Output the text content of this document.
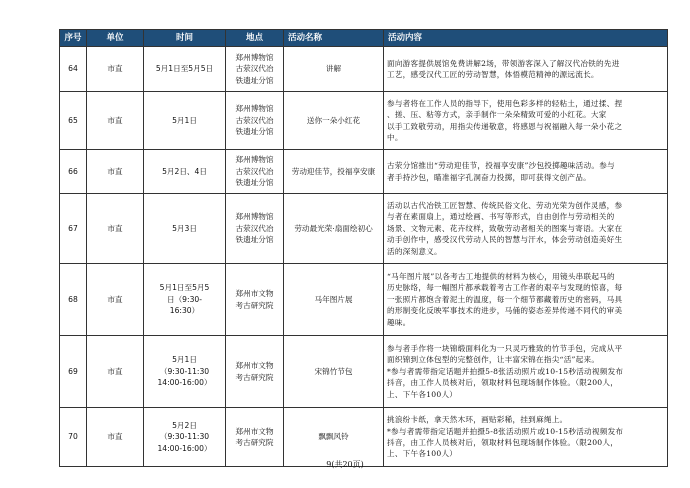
序号	单位	时间	地点	活动名称	活动内容
64	市直	5月1日至5月5日	郑州博物馆
古荥汉代冶
铁遗址分馆	讲解	面向游客提供展馆免费讲解2场，带领游客深入了解汉代冶铁的先进
工艺，感受汉代工匠的劳动智慧，体悟模范精神的源远流长。

65	市直	5月1日	郑州博物馆
古荥汉代冶
铁遗址分馆	送你一朵小红花	参与者将在工作人员的指导下，使用色彩多样的轻粘土，通过揉、捏
、搓、压、粘等方式，亲手制作一朵朵精致可爱的小红花。大家
以手工致敬劳动，用指尖传递敬意，将感恩与祝福融入每一朵小花之
中。

66	市直	5月2日、4日	郑州博物馆
古荥汉代冶
铁遗址分馆	劳动迎佳节，投福享安康	古荥分馆推出“劳动迎佳节，投福享安康”沙包投掷趣味活动。参与
者手持沙包，瞄准福字孔洞奋力投掷，即可获得文创产品。

67	市直	5月3日	郑州博物馆
古荥汉代冶
铁遗址分馆	劳动最光荣·扇面绘初心	活动以古代冶铁工匠智慧、传统民俗文化、劳动光荣为创作灵感，参
与者在素面扇上，通过绘画、书写等形式，自由创作与劳动相关的
场景、文物元素、花卉纹样，致敬劳动者相关的图案与寄语。大家在
动手创作中，感受汉代劳动人民的智慧与汗水，体会劳动创造美好生
活的深刻意义。

68	市直	5月1日至5月5
日（9:30-
16:30）	郑州市文物
考古研究院	马年图片展	“马年图片展”以各考古工地提供的材料为核心，用镜头串联起马的
历史脉络，每一幅图片都承载着考古工作者的艰辛与发现的惊喜，每
一张照片都饱含着泥土的温度，每一个细节都藏着历史的密码，马具
的形制变化反映军事技术的进步，马俑的姿态差异传递不同代的审美
趣味。

69	市直	5月1日
（9:30-11:30
14:00-16:00）	郑州市文物
考古研究院	宋锦竹节包	参与者手作将一块锦缎面料化为一只灵巧雅致的竹节手包，完成从平
面织锦到立体包型的完整创作，让丰富宋锦在指尖“活”起来。
*参与者需带指定话题并拍摄5-8张活动照片或10-15秒活动视频发布
抖音，由工作人员核对后，领取材料包现场制作体验。（限200人，
上、下午各100人）

70	市直	5月2日
（9:30-11:30
14:00-16:00）	郑州市文物
考古研究院	飘飘风铃	挑浪纷卡纸，拿天然木环，画贴彩稀，挂到麻绳上。
*参与者需带指定话题并拍摄5-8张活动照片或10-15秒活动视频发布
抖音，由工作人员核对后，领取材料包现场制作体验。（限200人，
上、下午各100人）
9(共20页)
